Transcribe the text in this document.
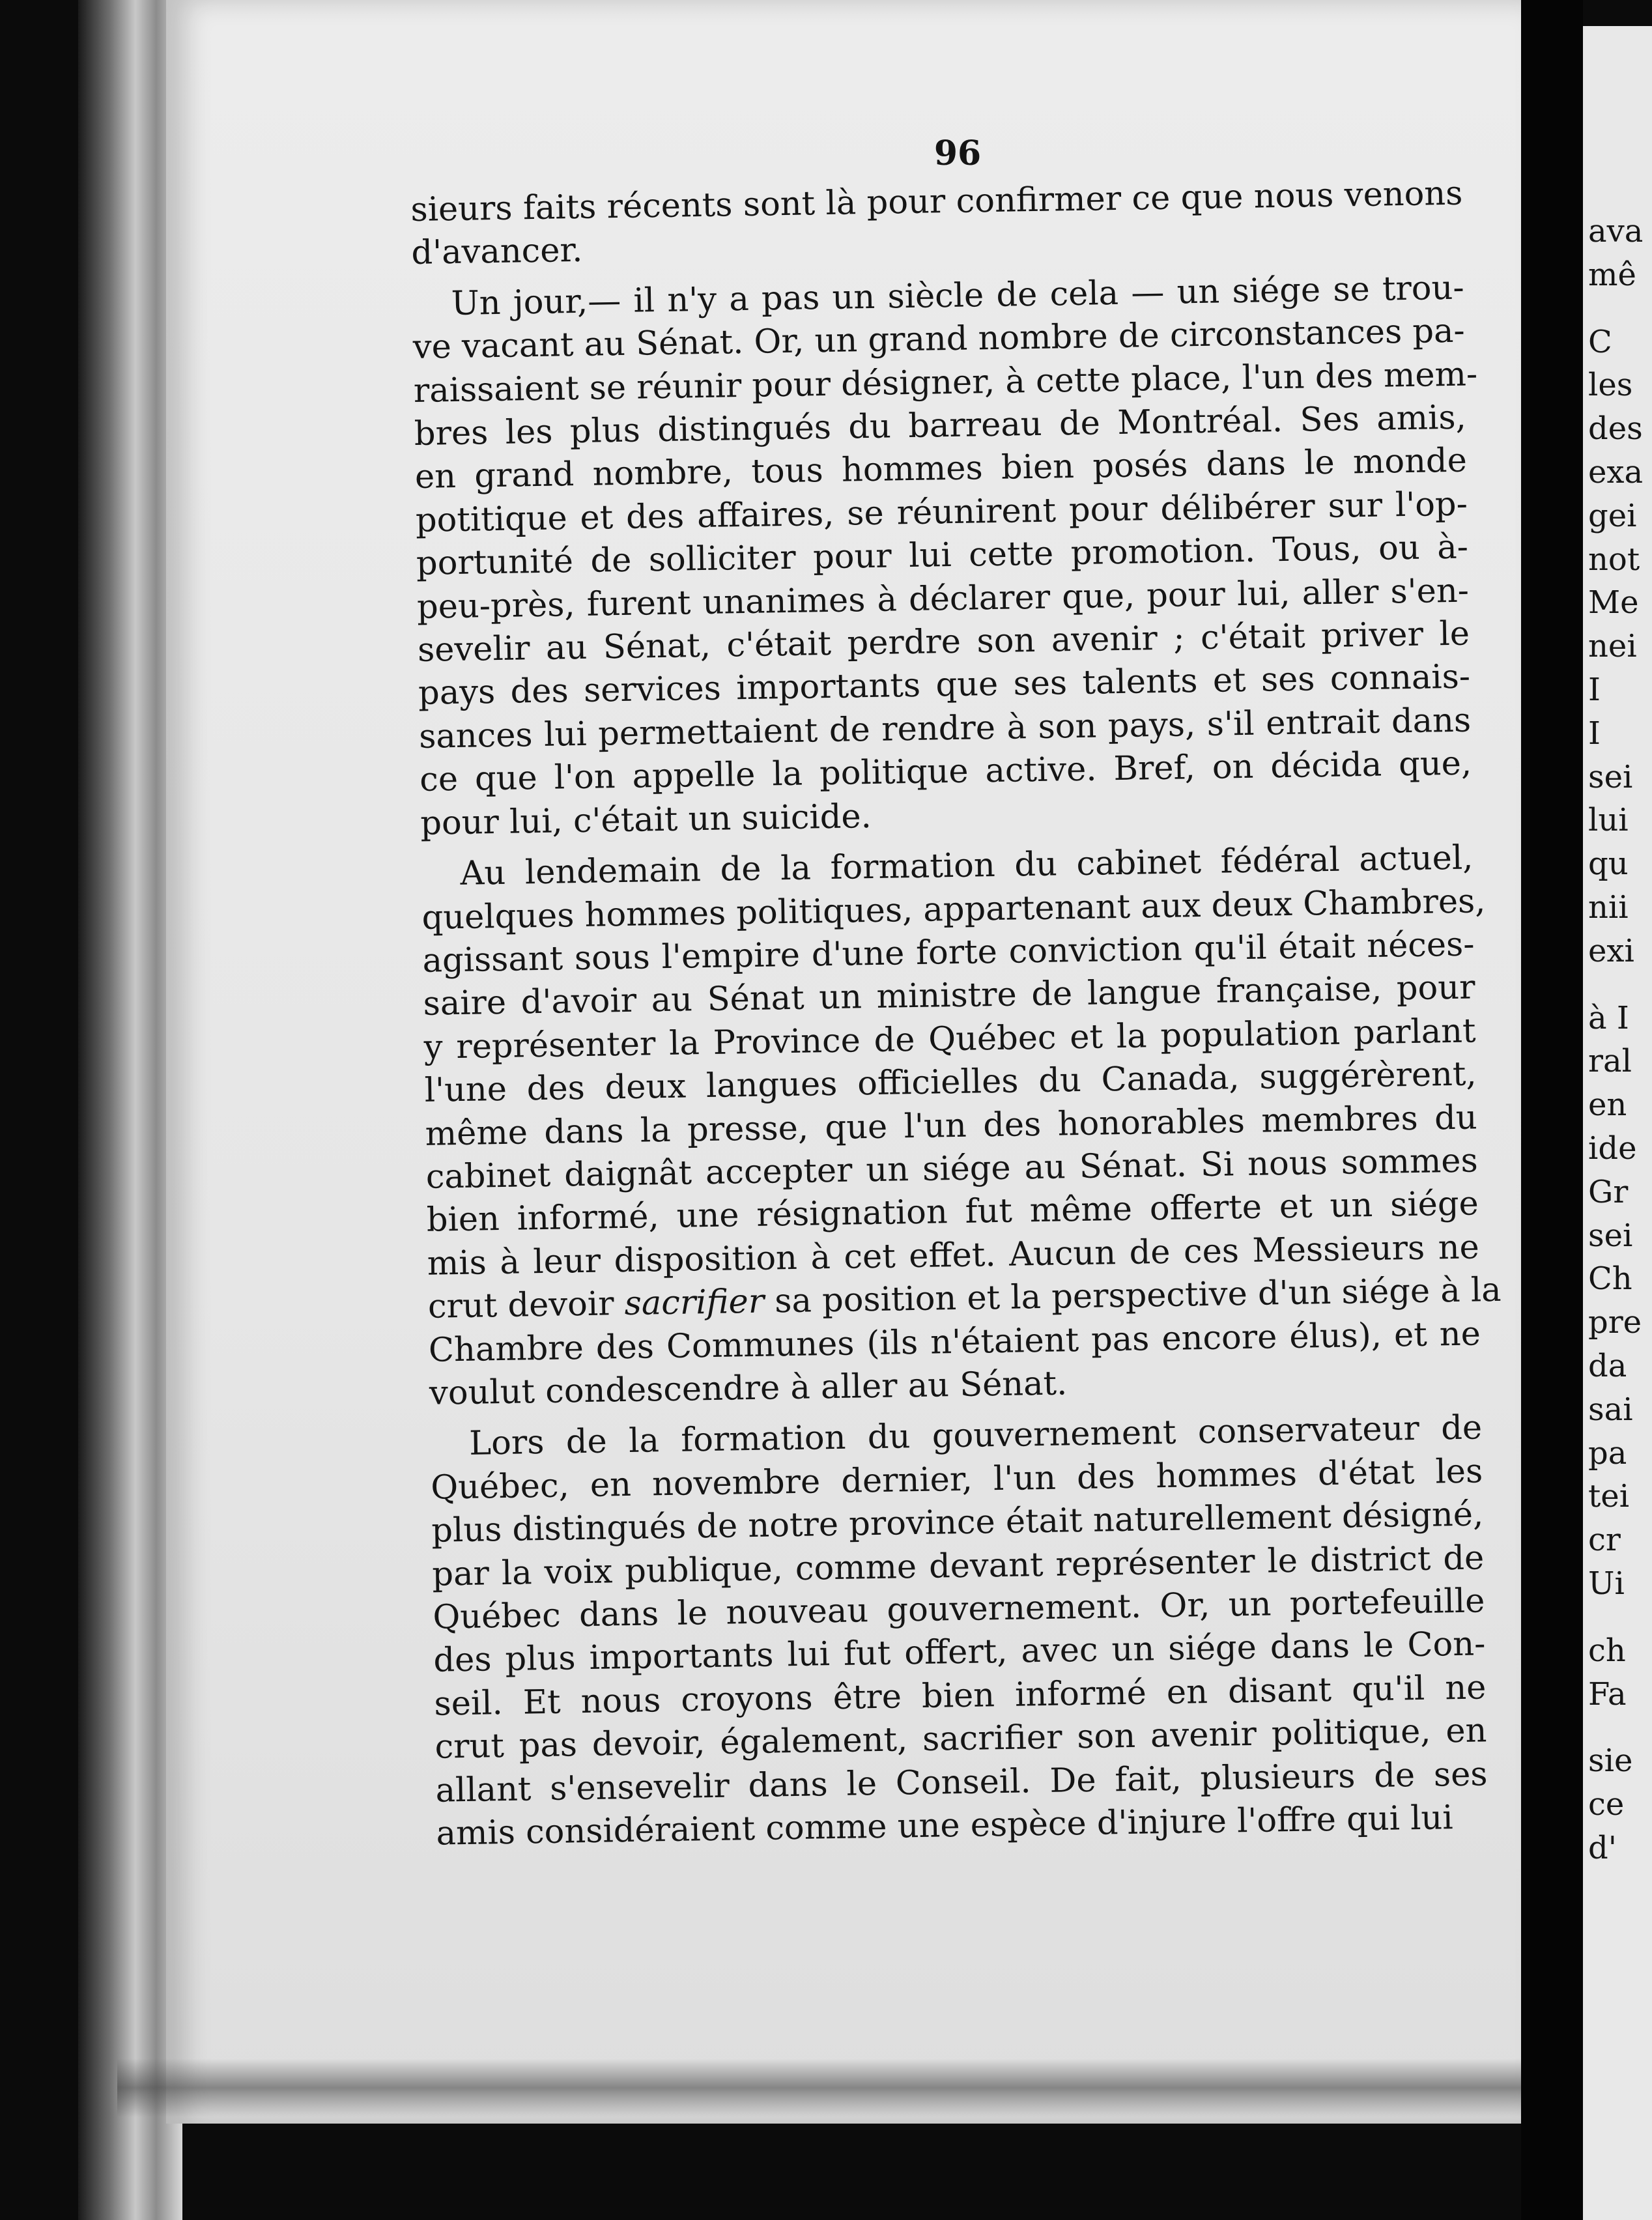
ava
mê
C
les
des
exa
gei
not
Me
nei
I
I
sei
lui
qu
nii
exi
à I
ral
en
ide
Gr
sei
Ch
pre
da
sai
pa
tei
cr
Ui
ch
Fa
sie
ce
d'
96
sieurs faits récents sont là pour confirmer ce que nous venons
d'avancer.
Un jour,— il n'y a pas un siècle de cela — un siége se trou-
ve vacant au Sénat. Or, un grand nombre de circonstances pa-
raissaient se réunir pour désigner, à cette place, l'un des mem-
bres les plus distingués du barreau de Montréal. Ses amis,
en grand nombre, tous hommes bien posés dans le monde
potitique et des affaires, se réunirent pour délibérer sur l'op-
portunité de solliciter pour lui cette promotion. Tous, ou à-
peu-près, furent unanimes à déclarer que, pour lui, aller s'en-
sevelir au Sénat, c'était perdre son avenir ; c'était priver le
pays des services importants que ses talents et ses connais-
sances lui permettaient de rendre à son pays, s'il entrait dans
ce que l'on appelle la politique active. Bref, on décida que,
pour lui, c'était un suicide.
Au lendemain de la formation du cabinet fédéral actuel,
quelques hommes politiques, appartenant aux deux Chambres,
agissant sous l'empire d'une forte conviction qu'il était néces-
saire d'avoir au Sénat un ministre de langue française, pour
y représenter la Province de Québec et la population parlant
l'une des deux langues officielles du Canada, suggérèrent,
même dans la presse, que l'un des honorables membres du
cabinet daignât accepter un siége au Sénat. Si nous sommes
bien informé, une résignation fut même offerte et un siége
mis à leur disposition à cet effet. Aucun de ces Messieurs ne
crut devoir sacrifier sa position et la perspective d'un siége à la
Chambre des Communes (ils n'étaient pas encore élus), et ne
voulut condescendre à aller au Sénat.
Lors de la formation du gouvernement conservateur de
Québec, en novembre dernier, l'un des hommes d'état les
plus distingués de notre province était naturellement désigné,
par la voix publique, comme devant représenter le district de
Québec dans le nouveau gouvernement. Or, un portefeuille
des plus importants lui fut offert, avec un siége dans le Con-
seil. Et nous croyons être bien informé en disant qu'il ne
crut pas devoir, également, sacrifier son avenir politique, en
allant s'ensevelir dans le Conseil. De fait, plusieurs de ses
amis considéraient comme une espèce d'injure l'offre qui lui
